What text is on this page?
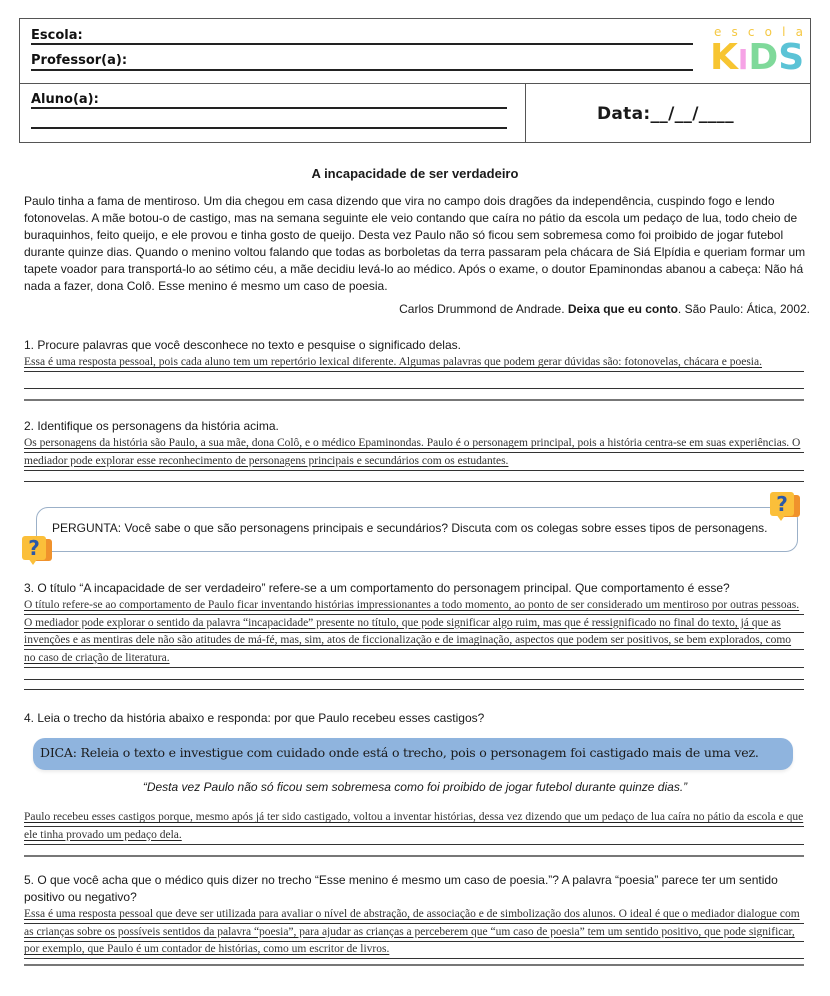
Escola:
Professor(a):
e s c o l a
KIDS
Aluno(a):
Data:__/__/____
A incapacidade de ser verdadeiro
Paulo tinha a fama de mentiroso. Um dia chegou em casa dizendo que vira no campo dois dragões da independência, cuspindo fogo e lendo fotonovelas. A mãe botou-o de castigo, mas na semana seguinte ele veio contando que caíra no pátio da escola um pedaço de lua, todo cheio de buraquinhos, feito queijo, e ele provou e tinha gosto de queijo. Desta vez Paulo não só ficou sem sobremesa como foi proibido de jogar futebol durante quinze dias. Quando o menino voltou falando que todas as borboletas da terra passaram pela chácara de Siá Elpídia e queriam formar um tapete voador para transportá-lo ao sétimo céu, a mãe decidiu levá-lo ao médico. Após o exame, o doutor Epaminondas abanou a cabeça: Não há nada a fazer, dona Colô. Esse menino é mesmo um caso de poesia.
Carlos Drummond de Andrade. Deixa que eu conto. São Paulo: Ática, 2002.
1. Procure palavras que você desconhece no texto e pesquise o significado delas.
Essa é uma resposta pessoal, pois cada aluno tem um repertório lexical diferente. Algumas palavras que podem gerar dúvidas são: fotonovelas, chácara e poesia.
2. Identifique os personagens da história acima.
Os personagens da história são Paulo, a sua mãe, dona Colô, e o médico Epaminondas. Paulo é o personagem principal, pois a história centra-se em suas experiências. O mediador pode explorar esse reconhecimento de personagens principais e secundários com os estudantes.
PERGUNTA: Você sabe o que são personagens principais e secundários? Discuta com os colegas sobre esses tipos de personagens.
?
?
3. O título “A incapacidade de ser verdadeiro” refere-se a um comportamento do personagem principal. Que comportamento é esse?
O título refere-se ao comportamento de Paulo ficar inventando histórias impressionantes a todo momento, ao ponto de ser considerado um mentiroso por outras pessoas. O mediador pode explorar o sentido da palavra “incapacidade” presente no título, que pode significar algo ruim, mas que é ressignificado no final do texto, já que as invenções e as mentiras dele não são atitudes de má-fé, mas, sim, atos de ficcionalização e de imaginação, aspectos que podem ser positivos, se bem explorados, como no caso de criação de literatura.
4. Leia o trecho da história abaixo e responda: por que Paulo recebeu esses castigos?
DICA: Releia o texto e investigue com cuidado onde está o trecho, pois o personagem foi castigado mais de uma vez.
“Desta vez Paulo não só ficou sem sobremesa como foi proibido de jogar futebol durante quinze dias.”
Paulo recebeu esses castigos porque, mesmo após já ter sido castigado, voltou a inventar histórias, dessa vez dizendo que um pedaço de lua caíra no pátio da escola e que ele tinha provado um pedaço dela.
5. O que você acha que o médico quis dizer no trecho “Esse menino é mesmo um caso de poesia.”? A palavra “poesia” parece ter um sentido positivo ou negativo?
Essa é uma resposta pessoal que deve ser utilizada para avaliar o nível de abstração, de associação e de simbolização dos alunos. O ideal é que o mediador dialogue com as crianças sobre os possíveis sentidos da palavra “poesia”, para ajudar as crianças a perceberem que “um caso de poesia” tem um sentido positivo, que pode significar, por exemplo, que Paulo é um contador de histórias, como um escritor de livros.
